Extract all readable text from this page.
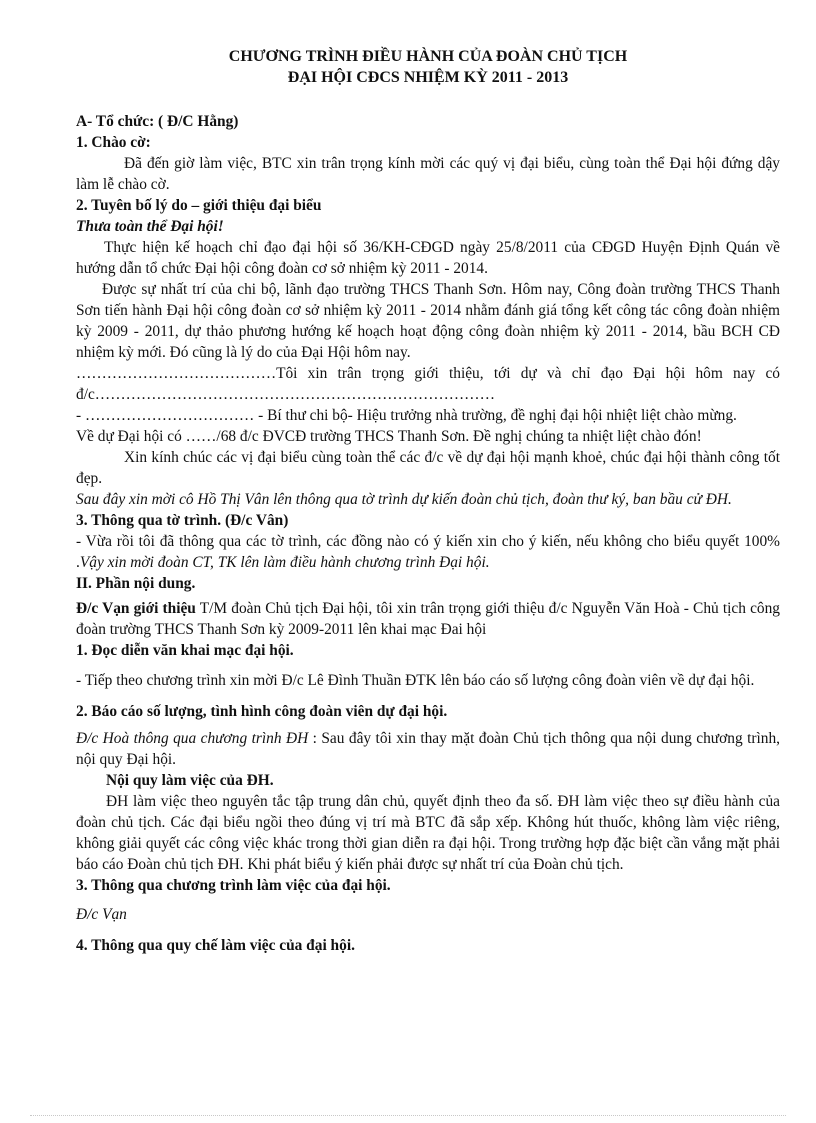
CHƯƠNG TRÌNH ĐIỀU HÀNH CỦA ĐOÀN CHỦ TỊCH

ĐẠI HỘI CĐCS NHIỆM KỲ 2011 - 2013

A- Tổ chức: ( Đ/C Hằng)

1. Chào cờ:

Đã đến giờ làm việc, BTC xin trân trọng kính mời các quý vị đại biểu, cùng toàn thể Đại hội đứng dậy làm lễ chào cờ.

2. Tuyên bố lý do – giới thiệu đại biểu

Thưa toàn thể Đại hội!

Thực hiện kế hoạch chỉ đạo đại hội số 36/KH-CĐGD ngày 25/8/2011 của CĐGD Huyện Định Quán về hướng dẫn tổ chức Đại hội công đoàn cơ sở nhiệm kỳ 2011 - 2014.

Được sự nhất trí của chi bộ, lãnh đạo trường THCS Thanh Sơn. Hôm nay, Công đoàn trường THCS Thanh Sơn tiến hành Đại hội công đoàn cơ sở nhiệm kỳ 2011 - 2014 nhằm đánh giá tổng kết công tác công đoàn nhiệm kỳ 2009 - 2011, dự thảo phương hướng kế hoạch hoạt động công đoàn nhiệm kỳ 2011 - 2014, bầu BCH CĐ nhiệm kỳ mới. Đó cũng là lý do của Đại Hội hôm nay.

…………………………………Tôi xin trân trọng giới thiệu, tới dự và chỉ đạo Đại hội hôm nay có đ/c……………………………………………………………………

- …………………………… - Bí thư chi bộ- Hiệu trưởng nhà trường, đề nghị đại hội nhiệt liệt chào mừng.

Về dự Đại hội có ……/68 đ/c ĐVCĐ trường THCS Thanh Sơn. Đề nghị chúng ta nhiệt liệt chào đón!

Xin kính chúc các vị đại biểu cùng toàn thể các đ/c về dự đại hội mạnh khoẻ, chúc đại hội thành công tốt đẹp.

Sau đây xin mời cô Hồ Thị Vân lên thông qua tờ trình dự kiến đoàn chủ tịch, đoàn thư ký, ban bầu cử ĐH.

3. Thông qua tờ trình. (Đ/c Vân)

- Vừa rồi tôi đã thông qua các tờ trình, các đồng nào có ý kiến xin cho ý kiến, nếu không cho biểu quyết 100% .Vậy xin mời đoàn CT, TK lên làm điều hành chương trình Đại hội.

II. Phần nội dung.

Đ/c Vạn giới thiệu T/M đoàn Chủ tịch Đại hội, tôi xin trân trọng giới thiệu đ/c Nguyễn Văn Hoà - Chủ tịch công đoàn trường THCS Thanh Sơn kỳ 2009-2011 lên khai mạc Đai hội

1. Đọc diễn văn khai mạc đại hội.

- Tiếp theo chương trình xin mời Đ/c Lê Đình Thuần ĐTK lên báo cáo số lượng công đoàn viên về dự đại hội.

2. Báo cáo số lượng, tình hình công đoàn viên dự đại hội.

Đ/c Hoà thông qua chương trình ĐH : Sau đây tôi xin thay mặt đoàn Chủ tịch thông qua nội dung chương trình, nội quy Đại hội.

Nội quy làm việc của ĐH.

ĐH làm việc theo nguyên tắc tập trung dân chủ, quyết định theo đa số. ĐH làm việc theo sự điều hành của đoàn chủ tịch. Các đại biểu ngồi theo đúng vị trí mà BTC đã sắp xếp. Không hút thuốc, không làm việc riêng, không giải quyết các công việc khác trong thời gian diễn ra đại hội. Trong trường hợp đặc biệt cần vắng mặt phải báo cáo Đoàn chủ tịch ĐH. Khi phát biểu ý kiến phải được sự nhất trí của Đoàn chủ tịch.

3. Thông qua chương trình làm việc của đại hội.

Đ/c Vạn

4. Thông qua quy chế làm việc của đại hội.
